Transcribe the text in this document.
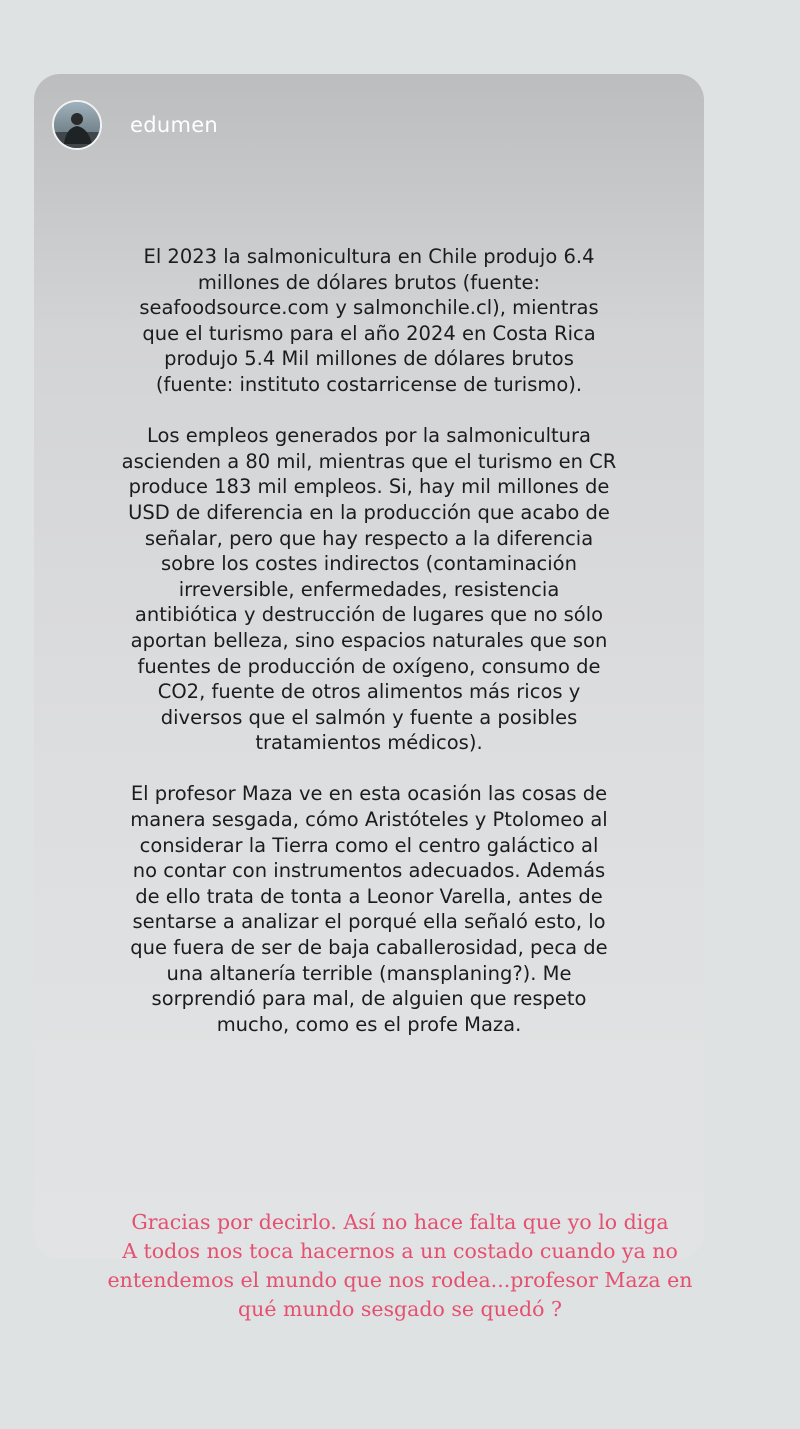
edumen

El 2023 la salmonicultura en Chile produjo 6.4
millones de dólares brutos (fuente:
seafoodsource.com y salmonchile.cl), mientras
que el turismo para el año 2024 en Costa Rica
produjo 5.4 Mil millones de dólares brutos
(fuente: instituto costarricense de turismo).

Los empleos generados por la salmonicultura
ascienden a 80 mil, mientras que el turismo en CR
produce 183 mil empleos. Si, hay mil millones de
USD de diferencia en la producción que acabo de
señalar, pero que hay respecto a la diferencia
sobre los costes indirectos (contaminación
irreversible, enfermedades, resistencia
antibiótica y destrucción de lugares que no sólo
aportan belleza, sino espacios naturales que son
fuentes de producción de oxígeno, consumo de
CO2, fuente de otros alimentos más ricos y
diversos que el salmón y fuente a posibles
tratamientos médicos).

El profesor Maza ve en esta ocasión las cosas de
manera sesgada, cómo Aristóteles y Ptolomeo al
considerar la Tierra como el centro galáctico al
no contar con instrumentos adecuados. Además
de ello trata de tonta a Leonor Varella, antes de
sentarse a analizar el porqué ella señaló esto, lo
que fuera de ser de baja caballerosidad, peca de
una altanería terrible (mansplaning?). Me
sorprendió para mal, de alguien que respeto
mucho, como es el profe Maza.

Gracias por decirlo. Así no hace falta que yo lo diga
A todos nos toca hacernos a un costado cuando ya no
entendemos el mundo que nos rodea...profesor Maza en
qué mundo sesgado se quedó ?
